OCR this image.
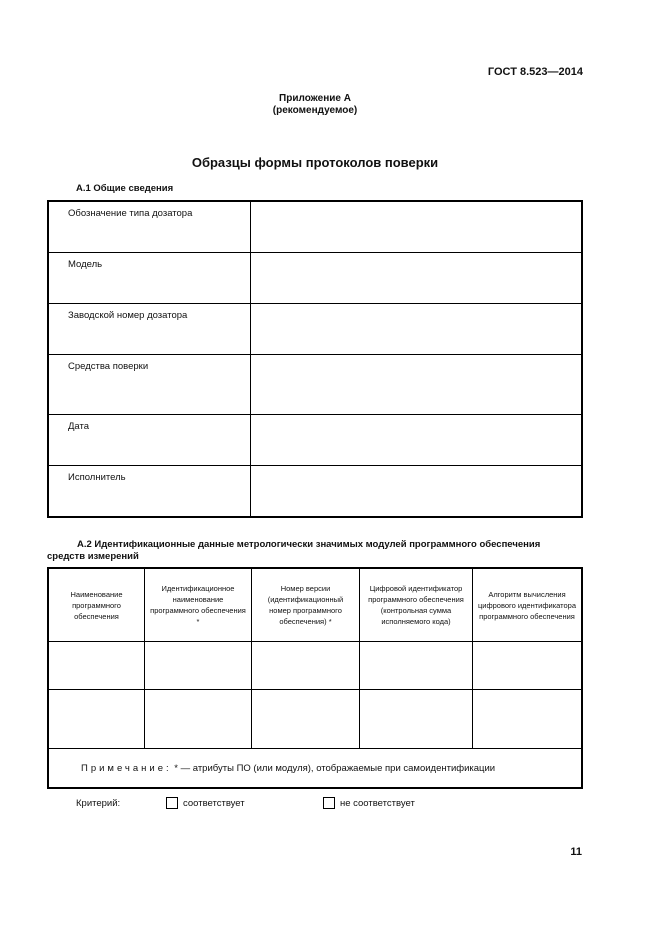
ГОСТ 8.523—2014
Приложение А
(рекомендуемое)
Образцы формы протоколов поверки
А.1 Общие сведения
Обозначение типа дозатора	
Модель	
Заводской номер дозатора	
Средства поверки	
Дата	
Исполнитель	
А.2 Идентификационные данные метрологически значимых модулей программного обеспечения
средств измерений
Наименование программного обеспечения	Идентификационное наименование программного обеспечения *	Номер версии (идентификационный номер программного обеспечения) *	Цифровой идентификатор программного обеспечения (контрольная сумма исполняемого кода)	Алгоритм вычисления цифрового идентификатора программного обеспечения

Примечание: * — атрибуты ПО (или модуля), отображаемые при самоидентификации				
Критерий:	соответствует	не соответствует
11
